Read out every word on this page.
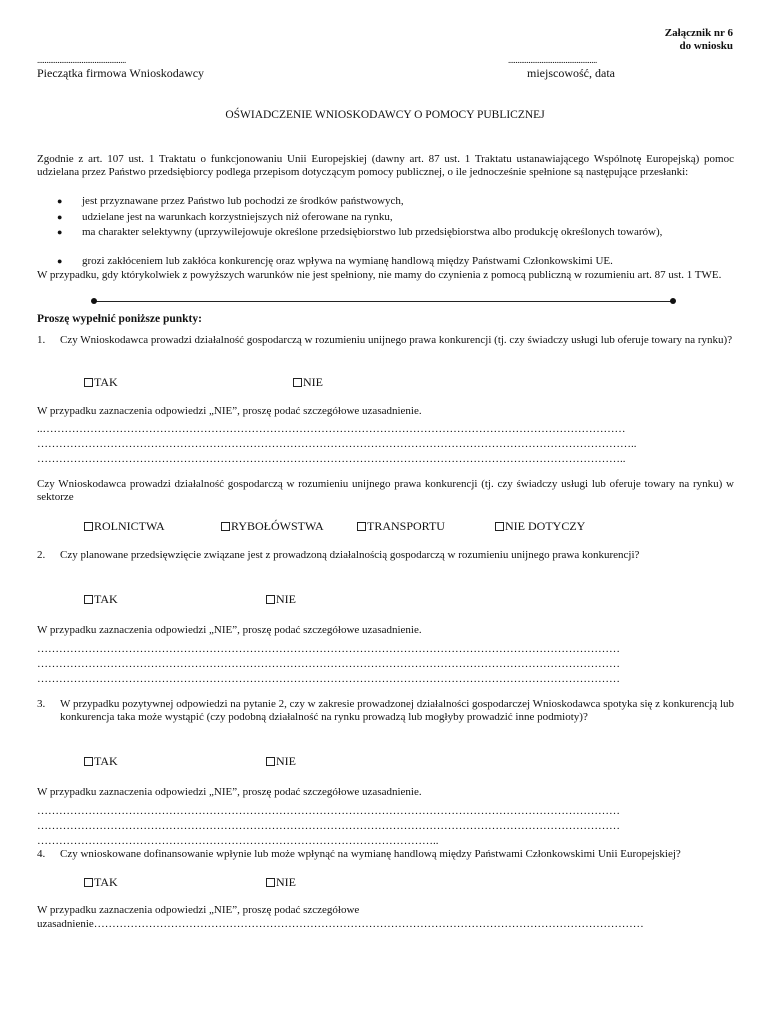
Załącznik nr 6
do wniosku
................................................
Pieczątka firmowa Wnioskodawcy
................................................
miejscowość, data
OŚWIADCZENIE WNIOSKODAWCY O POMOCY PUBLICZNEJ
Zgodnie z art. 107 ust. 1 Traktatu o funkcjonowaniu Unii Europejskiej (dawny art. 87 ust. 1 Traktatu ustanawiającego Wspólnotę Europejską) pomoc udzielana przez Państwo przedsiębiorcy podlega przepisom dotyczącym pomocy publicznej, o ile jednocześnie spełnione są następujące przesłanki:
● jest przyznawane przez Państwo lub pochodzi ze środków państwowych,
● udzielane jest na warunkach korzystniejszych niż oferowane na rynku,
● ma charakter selektywny (uprzywilejowuje określone przedsiębiorstwo lub przedsiębiorstwa albo produkcję określonych towarów),
● grozi zakłóceniem lub zakłóca konkurencję oraz wpływa na wymianę handlową między Państwami Członkowskimi UE.
W przypadku, gdy którykolwiek z powyższych warunków nie jest spełniony, nie mamy do czynienia z pomocą publiczną w rozumieniu art. 87 ust. 1 TWE.
Proszę wypełnić poniższe punkty:
1. Czy Wnioskodawca prowadzi działalność gospodarczą w rozumieniu unijnego prawa konkurencji (tj. czy świadczy usługi lub oferuje towary na rynku)?
TAK	NIE
W przypadku zaznaczenia odpowiedzi „NIE”, proszę podać szczegółowe uzasadnienie.
..……………………………………………………………………………………………………………………………………………
………………………………………………………………………………………………………………………………………………..
……………………………………………………………………………………………………………………………………………..
Czy Wnioskodawca prowadzi działalność gospodarczą w rozumieniu unijnego prawa konkurencji (tj. czy świadczy usługi lub oferuje towary na rynku) w sektorze
ROLNICTWA	RYBOŁÓWSTWA	TRANSPORTU	NIE DOTYCZY
2. Czy planowane przedsięwzięcie związane jest z prowadzoną działalnością gospodarczą w rozumieniu unijnego prawa konkurencji?
TAK	NIE
W przypadku zaznaczenia odpowiedzi „NIE”, proszę podać szczegółowe uzasadnienie.
……………………………………………………………………………………………………………………………………………
……………………………………………………………………………………………………………………………………………
……………………………………………………………………………………………………………………………………………
3. W przypadku pozytywnej odpowiedzi na pytanie 2, czy w zakresie prowadzonej działalności gospodarczej Wnioskodawca spotyka się z konkurencją lub konkurencja taka może wystąpić (czy podobną działalność na rynku prowadzą lub mogłyby prowadzić inne podmioty)?
TAK	NIE
W przypadku zaznaczenia odpowiedzi „NIE”, proszę podać szczegółowe uzasadnienie.
……………………………………………………………………………………………………………………………………………
……………………………………………………………………………………………………………………………………………
………………………………………………………………………………………………..
4. Czy wnioskowane dofinansowanie wpłynie lub może wpłynąć na wymianę handlową między Państwami Członkowskimi Unii Europejskiej?
TAK	NIE
W przypadku zaznaczenia odpowiedzi „NIE”, proszę podać szczegółowe
uzasadnienie……………………………………………………………………………………………………………………………………
